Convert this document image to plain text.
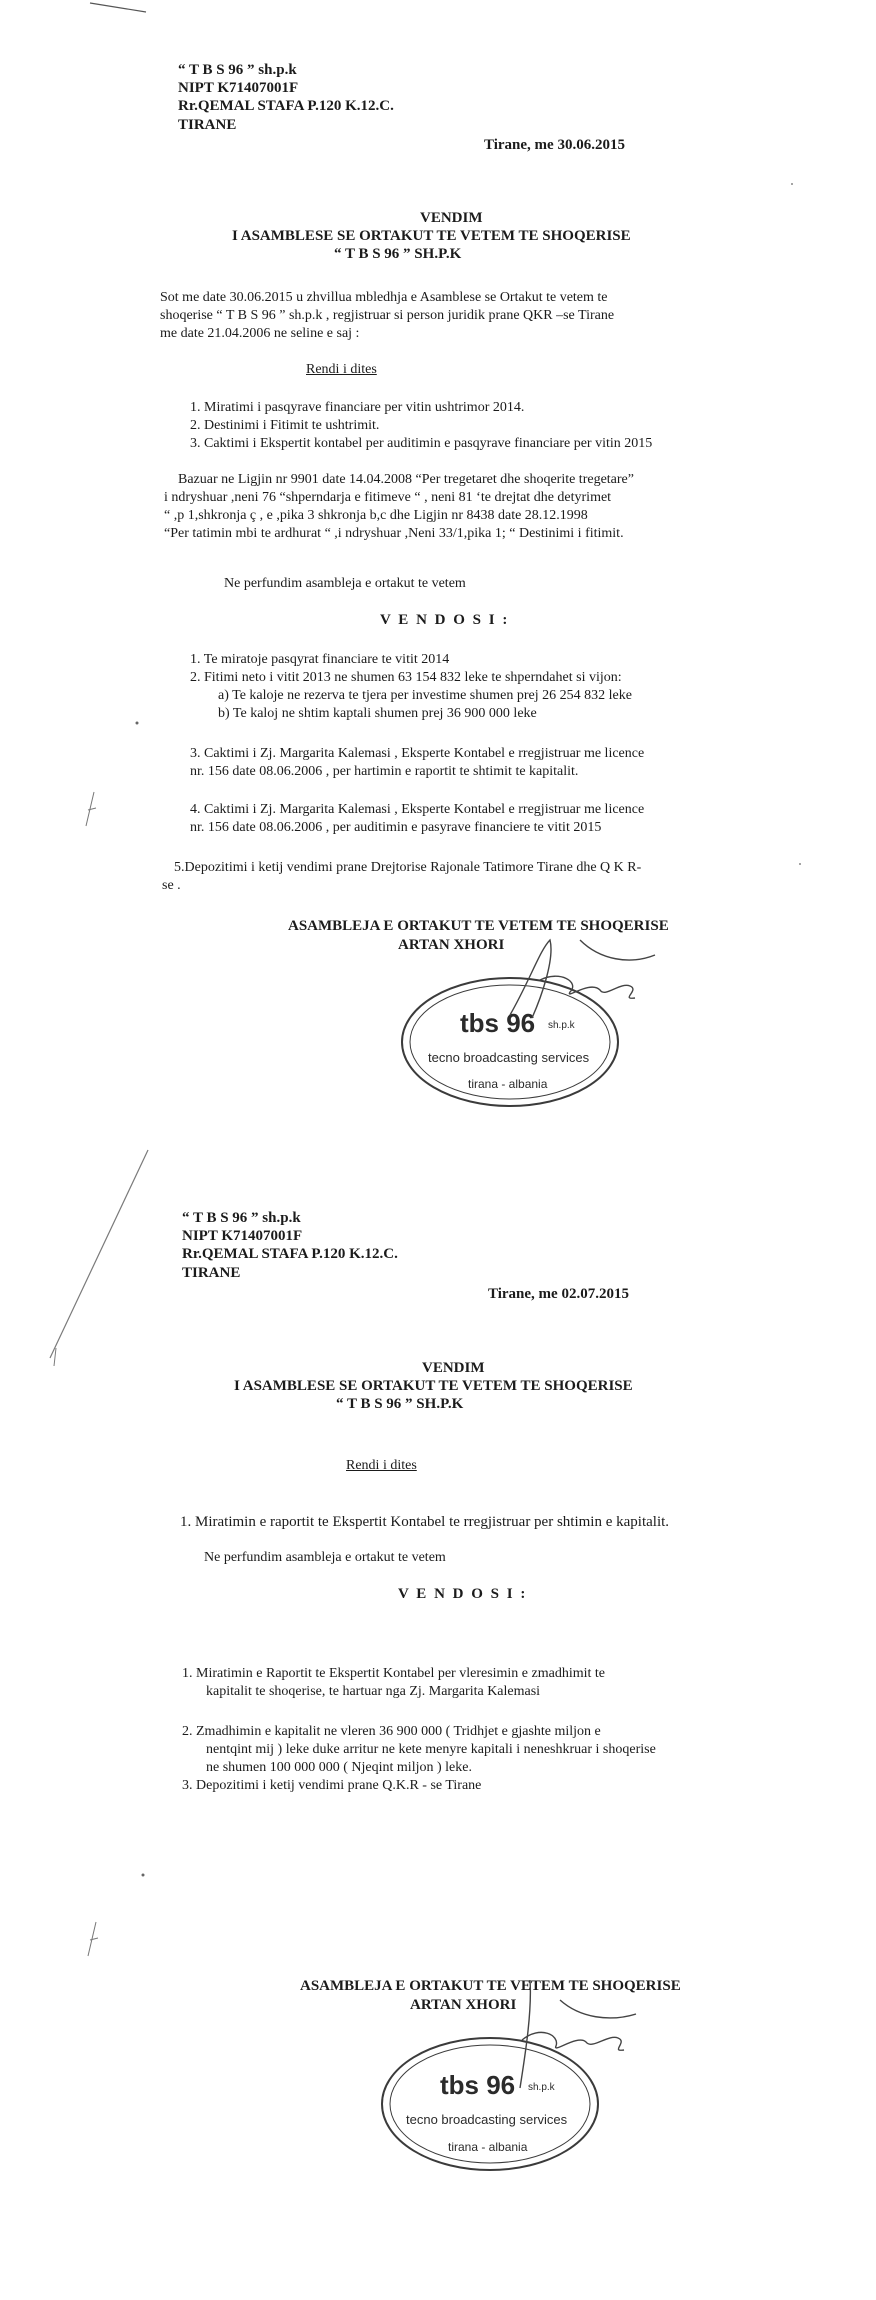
“ T B S 96 ” sh.p.k
NIPT K71407001F
Rr.QEMAL STAFA P.120 K.12.C.
TIRANE
Tirane, me 30.06.2015
VENDIM
I ASAMBLESE SE ORTAKUT TE VETEM TE SHOQERISE
“ T B S 96 ” SH.P.K
Sot me date 30.06.2015 u zhvillua mbledhja e Asamblese se Ortakut te vetem te
shoqerise “ T B S 96 ” sh.p.k , regjistruar si person juridik prane QKR –se Tirane
me date 21.04.2006 ne seline e saj :
Rendi i dites
1. Miratimi i pasqyrave financiare per vitin ushtrimor 2014.
2. Destinimi i Fitimit te ushtrimit.
3. Caktimi i Ekspertit kontabel per auditimin e pasqyrave financiare per vitin 2015
Bazuar ne Ligjin nr 9901 date 14.04.2008 “Per tregetaret dhe shoqerite tregetare”
i ndryshuar ,neni 76 “shperndarja e fitimeve “ , neni 81 ‘te drejtat dhe detyrimet
“ ,p 1,shkronja ç , e ,pika 3 shkronja b,c dhe Ligjin nr 8438 date 28.12.1998
“Per tatimin mbi te ardhurat “ ,i ndryshuar ,Neni 33/1,pika 1; “ Destinimi i fitimit.
Ne perfundim asambleja e ortakut te vetem
V E N D O S I :
1. Te miratoje pasqyrat financiare te vitit 2014
2. Fitimi neto i vitit 2013 ne shumen 63 154 832 leke te shperndahet si vijon:
a) Te kaloje ne rezerva te tjera per investime shumen prej 26 254 832 leke
b) Te kaloj ne shtim kaptali shumen prej 36 900 000 leke
3. Caktimi i Zj. Margarita Kalemasi , Eksperte Kontabel e rregjistruar me licence
nr. 156 date 08.06.2006 , per hartimin e raportit te shtimit te kapitalit.
4. Caktimi i Zj. Margarita Kalemasi , Eksperte Kontabel e rregjistruar me licence
nr. 156 date 08.06.2006 , per auditimin e pasyrave financiere te vitit 2015
5.Depozitimi i ketij vendimi prane Drejtorise Rajonale Tatimore Tirane dhe Q K R-
se .
ASAMBLEJA E ORTAKUT TE VETEM TE SHOQERISE
ARTAN XHORI
tbs 96 sh.p.k
tecno broadcasting services
tirana - albania
“ T B S 96 ” sh.p.k
NIPT K71407001F
Rr.QEMAL STAFA P.120 K.12.C.
TIRANE
Tirane, me 02.07.2015
VENDIM
I ASAMBLESE SE ORTAKUT TE VETEM TE SHOQERISE
“ T B S 96 ” SH.P.K
Rendi i dites
1. Miratimin e raportit te Ekspertit Kontabel te rregjistruar per shtimin e kapitalit.
Ne perfundim asambleja e ortakut te vetem
V E N D O S I :
1. Miratimin e Raportit te Ekspertit Kontabel per vleresimin e zmadhimit te
kapitalit te shoqerise, te hartuar nga Zj. Margarita Kalemasi
2. Zmadhimin e kapitalit ne vleren 36 900 000 ( Tridhjet e gjashte miljon e
nentqint mij ) leke duke arritur ne kete menyre kapitali i neneshkruar i shoqerise
ne shumen 100 000 000 ( Njeqint miljon ) leke.
3. Depozitimi i ketij vendimi prane Q.K.R - se Tirane
ASAMBLEJA E ORTAKUT TE VETEM TE SHOQERISE
ARTAN XHORI
tbs 96 sh.p.k
tecno broadcasting services
tirana - albania
